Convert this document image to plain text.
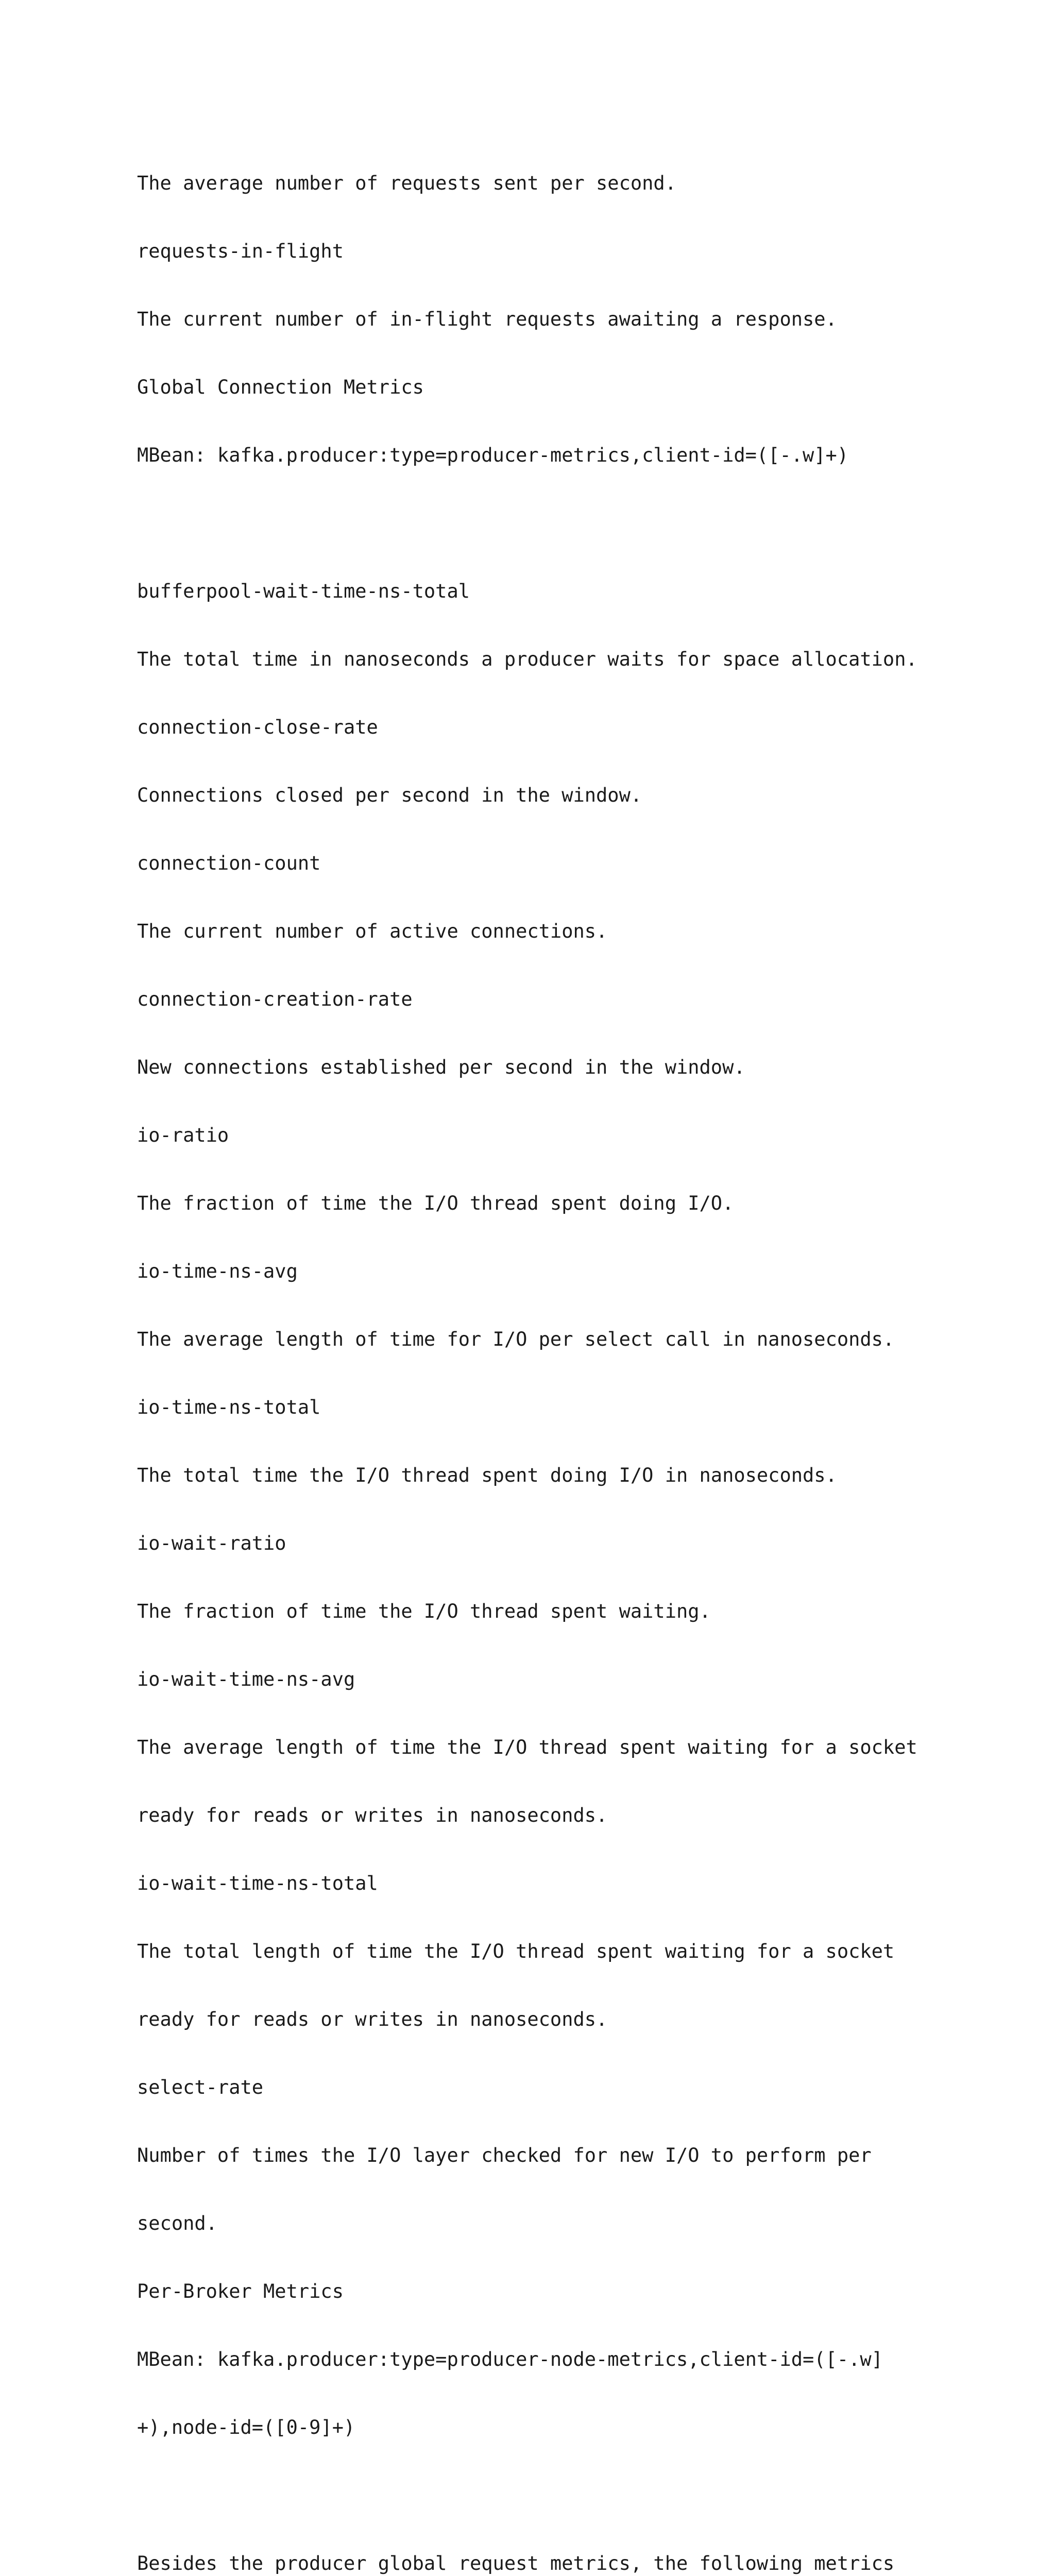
The average number of requests sent per second.

requests-in-flight

The current number of in-flight requests awaiting a response.

Global Connection Metrics

MBean: kafka.producer:type=producer-metrics,client-id=([-.w]+)

bufferpool-wait-time-ns-total

The total time in nanoseconds a producer waits for space allocation.

connection-close-rate

Connections closed per second in the window.

connection-count

The current number of active connections.

connection-creation-rate

New connections established per second in the window.

io-ratio

The fraction of time the I/O thread spent doing I/O.

io-time-ns-avg

The average length of time for I/O per select call in nanoseconds.

io-time-ns-total

The total time the I/O thread spent doing I/O in nanoseconds.

io-wait-ratio

The fraction of time the I/O thread spent waiting.

io-wait-time-ns-avg

The average length of time the I/O thread spent waiting for a socket

ready for reads or writes in nanoseconds.

io-wait-time-ns-total

The total length of time the I/O thread spent waiting for a socket

ready for reads or writes in nanoseconds.

select-rate

Number of times the I/O layer checked for new I/O to perform per

second.

Per-Broker Metrics

MBean: kafka.producer:type=producer-node-metrics,client-id=([-.w]

+),node-id=([0-9]+)

Besides the producer global request metrics, the following metrics
